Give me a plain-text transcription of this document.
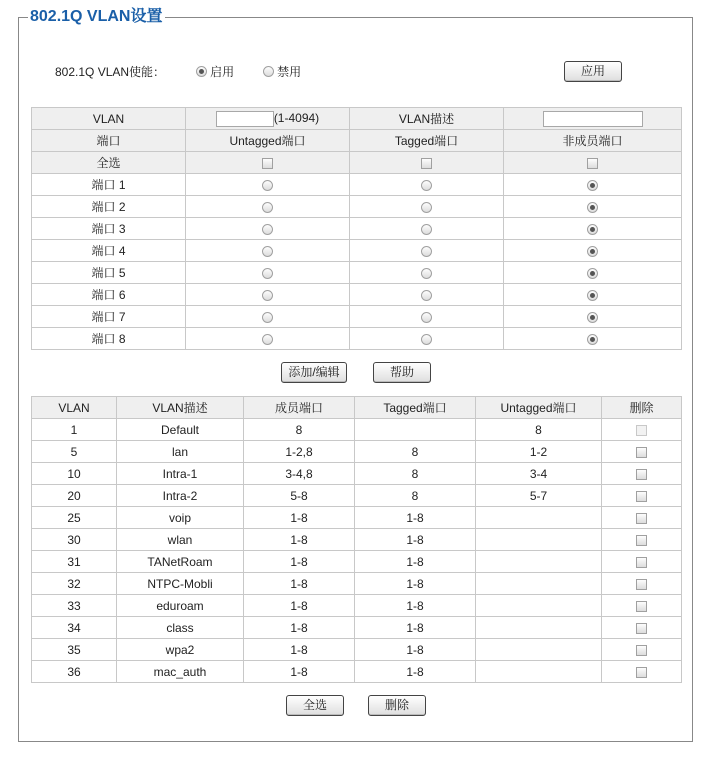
802.1Q VLAN设置
802.1Q VLAN使能：	启用	禁用	应用
VLAN	(1-4094)	VLAN描述	
端口	Untagged端口	Tagged端口	非成员端口
全选			
端口 1			
端口 2			
端口 3			
端口 4			
端口 5			
端口 6			
端口 7			
端口 8			
添加/编辑	帮助
VLAN	VLAN描述	成员端口	Tagged端口	Untagged端口	删除
1	Default	8		8	
5	lan	1-2,8	8	1-2	
10	Intra-1	3-4,8	8	3-4	
20	Intra-2	5-8	8	5-7	
25	voip	1-8	1-8		
30	wlan	1-8	1-8		
31	TANetRoam	1-8	1-8		
32	NTPC-Mobli	1-8	1-8		
33	eduroam	1-8	1-8		
34	class	1-8	1-8		
35	wpa2	1-8	1-8		
36	mac_auth	1-8	1-8		
全选	删除
